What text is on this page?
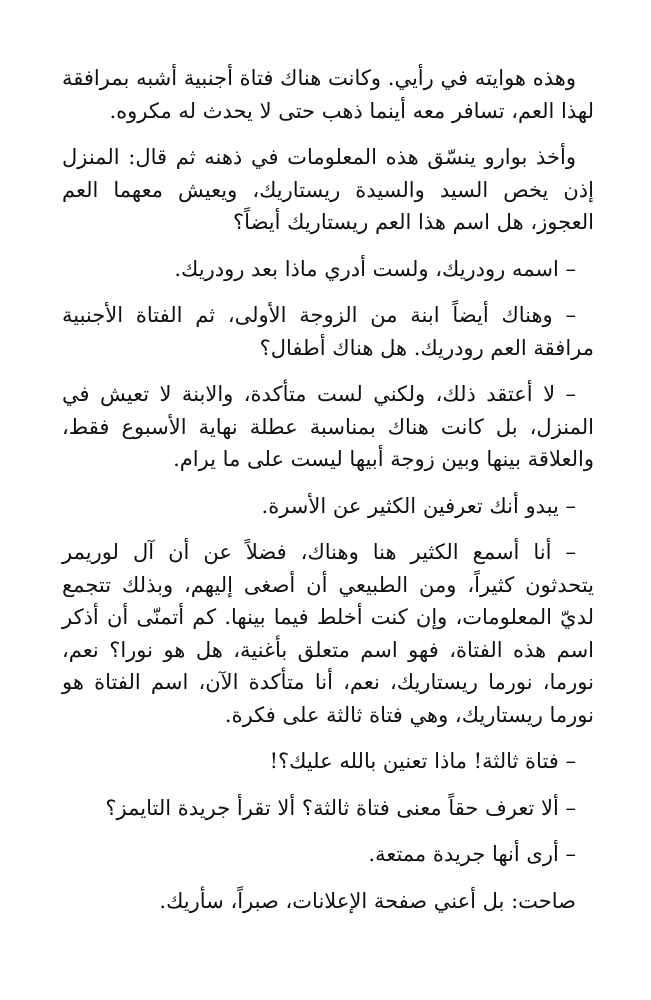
وهذه هوايته في رأيي. وكانت هناك فتاة أجنبية أشبه بمرافقة لهذا العم، تسافر معه أينما ذهب حتى لا يحدث له مكروه.

وأخذ بوارو ينسّق هذه المعلومات في ذهنه ثم قال: المنزل إذن يخص السيد والسيدة ريستاريك، ويعيش معهما العم العجوز، هل اسم هذا العم ريستاريك أيضاً؟

– اسمه رودريك، ولست أدري ماذا بعد رودريك.

– وهناك أيضاً ابنة من الزوجة الأولى، ثم الفتاة الأجنبية مرافقة العم رودريك. هل هناك أطفال؟

– لا أعتقد ذلك، ولكني لست متأكدة، والابنة لا تعيش في المنزل، بل كانت هناك بمناسبة عطلة نهاية الأسبوع فقط، والعلاقة بينها وبين زوجة أبيها ليست على ما يرام.

– يبدو أنك تعرفين الكثير عن الأسرة.

– أنا أسمع الكثير هنا وهناك، فضلاً عن أن آل لوريمر يتحدثون كثيراً، ومن الطبيعي أن أصغى إليهم، وبذلك تتجمع لديّ المعلومات، وإن كنت أخلط فيما بينها. كم أتمنّى أن أذكر اسم هذه الفتاة، فهو اسم متعلق بأغنية، هل هو نورا؟ نعم، نورما، نورما ريستاريك، نعم، أنا متأكدة الآن، اسم الفتاة هو نورما ريستاريك، وهي فتاة ثالثة على فكرة.

– فتاة ثالثة! ماذا تعنين بالله عليك؟!

– ألا تعرف حقاً معنى فتاة ثالثة؟ ألا تقرأ جريدة التايمز؟

– أرى أنها جريدة ممتعة.

صاحت: بل أعني صفحة الإعلانات، صبراً، سأريك.
